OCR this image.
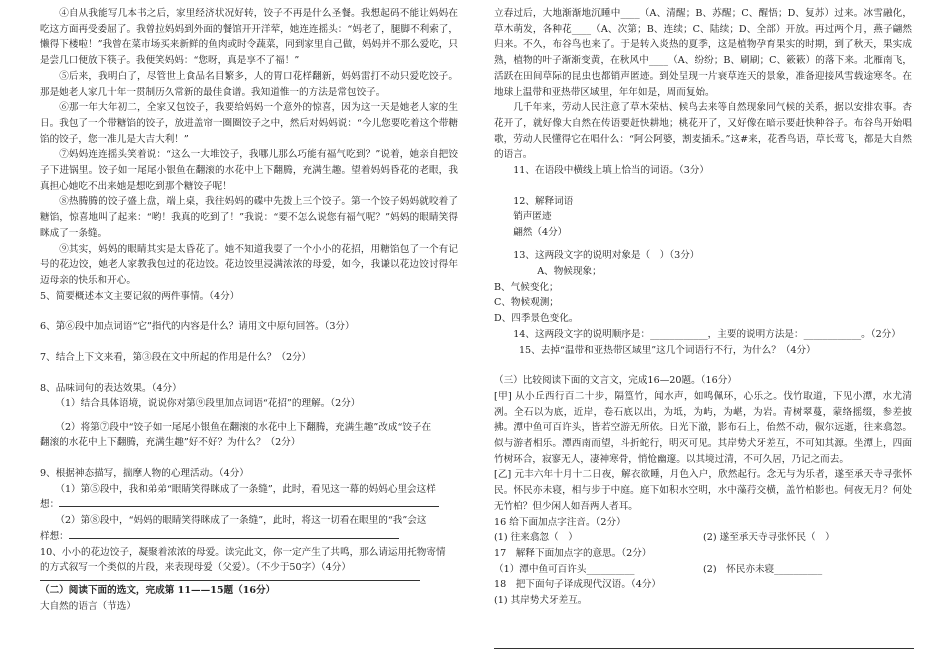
④自从我能写几本书之后，家里经济状况好转，饺子不再是什么圣餐。我想起码不能让妈妈在吃这方面再受委屈了。我曾拉妈妈到外面的餐馆开开洋荤，她连连摇头：“妈老了，腿脚不利索了，懒得下楼啦！”我曾在菜市场买来新鲜的鱼肉或时令蔬菜，同到家里自己做，妈妈并不那么爱吃，只是尝几口便放下筷子。我便笑妈妈：“您呀，真是享不了福！”

⑤后来，我明白了，尽管世上食品名目繁多，人的胃口花样翻新，妈妈雷打不动只爱吃饺子。那是她老人家几十年一贯制历久常新的最佳食谱。我知道惟一的方法是常包饺子。

⑥那一年大年初二，全家又包饺子，我要给妈妈一个意外的惊喜，因为这一天是她老人家的生日。我包了一个带糖馅的饺子，放进盖帘一圈圈饺子之中，然后对妈妈说：“今儿您要吃着这个带糖馅的饺子，您一准儿是大吉大利！”

⑦妈妈连连摇头笑着说：“这么一大堆饺子，我哪儿那么巧能有福气吃到？”说着，她亲自把饺子下进锅里。饺子如一尾尾小银鱼在翻滚的水花中上下翻腾，充满生趣。望着妈妈昏花的老眼，我真担心她吃不出来她是想吃到那个糖饺子呢！

⑧热腾腾的饺子盛上盘，端上桌，我往妈妈的碟中先拨上三个饺子。第一个饺子妈妈就咬着了糖馅，惊喜地叫了起来：“哟！我真的吃到了！”我说：“要不怎么说您有福气呢？”妈妈的眼睛笑得眯成了一条缝。

⑨其实，妈妈的眼睛其实是太昏花了。她不知道我耍了一个小小的花招，用糖馅包了一个有记号的花边饺，她老人家教我包过的花边饺。花边饺里浸满浓浓的母爱，如今，我谦以花边饺讨得年迈母亲的快乐和开心。

5、简要概述本文主要记叙的两件事情。（4分）

6、第⑥段中加点词语“它”指代的内容是什么？请用文中原句回答。（3分）

7、结合上下文来看，第③段在文中所起的作用是什么？（2分）

8、品味词句的表达效果。（4分）

（1）结合具体语境，说说你对第⑨段里加点词语“花招”的理解。（2分）

（2）将第⑦段中“饺子如一尾尾小银鱼在翻滚的水花中上下翻腾，充满生趣”改成“饺子在

翻滚的水花中上下翻腾，充满生趣”好不好？为什么？（2分）

9、根据神态描写，揣摩人物的心理活动。（4分）

（1）第⑤段中，我和弟弟“眼睛笑得眯成了一条缝”，此时，看见这一幕的妈妈心里会这样

想：

（2）第⑧段中，“妈妈的眼睛笑得眯成了一条缝”，此时，将这一切看在眼里的“我”会这

样想：

10、小小的花边饺子，凝聚着浓浓的母爱。读完此文，你一定产生了共鸣，那么请运用托物寄情

的方式叙写一个类似的片段，来表现母爱（父爱）。（不少于50字）（4分）

（二）阅读下面的选文，完成第 11——15题（16分）

大自然的语言（节选）

立春过后，大地渐渐地沉睡中____（A、清醒；B、苏醒；C、醒悟；D、复苏）过来。冰雪融化，草木萌发，各种花____（A、次第；B、连续；C、陆续；D、全部）开放。再过两个月，燕子翩然归来。不久，布谷鸟也来了。于是转入炎热的夏季，这是植物孕育果实的时期，到了秋天，果实成熟，植物的叶子渐渐变黄，在秋风中____（A、纷纷；B、刷刷；C、簌簌）的落下来。北雁南飞，活跃在田间草际的昆虫也都销声匿迹。到处呈现一片衰草连天的景象，准备迎接风雪载途寒冬。在地球上温带和亚热带区域里，年年如是，周而复始。

几千年来，劳动人民注意了草木荣枯、候鸟去来等自然现象同气候的关系，据以安排农事。杏花开了，就好像大自然在传语要赶快耕地；桃花开了，又好像在暗示要赶快种谷子。布谷鸟开始唱歌，劳动人民懂得它在唱什么：“阿公阿婆，割麦插禾。”这#来，花香鸟语，草长莺飞，都是大自然的语言。

11、在语段中横线上填上恰当的词语。（3分）

12、解释词语

销声匿迹

翩然（4分）

13、这两段文字的说明对象是（　）（3分）

A、物候现象；

B、气候变化；

C、物候观测；

D、四季景色变化。

14、这两段文字的说明顺序是：____________，主要的说明方法是：____________。（2分）

15、去掉“温带和亚热带区域里”这几个词语行不行，为什么？（4分）

（三）比较阅读下面的文言文，完成16—20题。（16分）

[甲] 从小丘西行百二十步，隔篁竹，闻水声，如鸣佩环，心乐之。伐竹取道，下见小潭，水尤清冽。全石以为底，近岸，卷石底以出，为坻，为屿，为嵁，为岩。青树翠蔓，蒙络摇缀，参差披拂。潭中鱼可百许头，皆若空游无所依。日光下澈，影布石上，佁然不动，俶尔远逝，往来翕忽。似与游者相乐。潭西南而望，斗折蛇行，明灭可见。其岸势犬牙差互，不可知其源。坐潭上，四面竹树环合，寂寥无人，凄神寒骨，悄怆幽邃。以其境过清，不可久居，乃记之而去。

[乙] 元丰六年十月十二日夜，解衣欲睡，月色入户，欣然起行。念无与为乐者，遂至承天寺寻张怀民。怀民亦未寝，相与步于中庭。庭下如积水空明，水中藻荇交横，盖竹柏影也。何夜无月？何处无竹柏？但少闲人如吾两人者耳。

16 给下面加点字注音。（2分）

(1) 往来翕忽（　）	(2) 遂至承天寺寻张怀民（　）

17　解释下面加点字的意思。（2分）

（1）潭中鱼可百许头__________	(2)　怀民亦未寝__________

18　把下面句子译成现代汉语。（4分）

(1) 其岸势犬牙差互。
